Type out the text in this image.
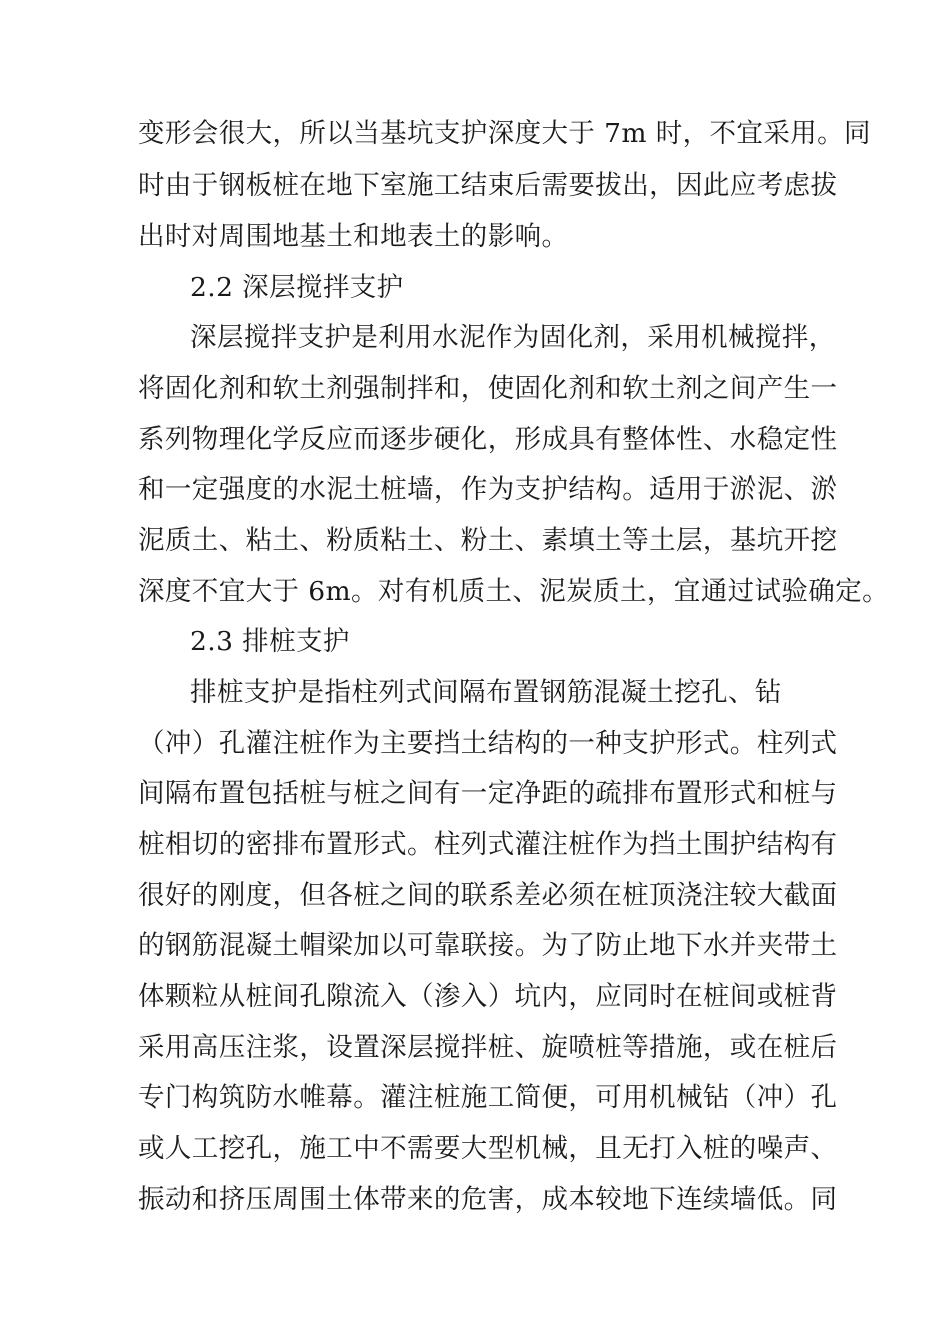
变形会很大，所以当基坑支护深度大于 7m 时，不宜采用。同
时由于钢板桩在地下室施工结束后需要拔出，因此应考虑拔
出时对周围地基土和地表土的影响。
2.2 深层搅拌支护
深层搅拌支护是利用水泥作为固化剂，采用机械搅拌，
将固化剂和软土剂强制拌和，使固化剂和软土剂之间产生一
系列物理化学反应而逐步硬化，形成具有整体性、水稳定性
和一定强度的水泥土桩墙，作为支护结构。适用于淤泥、淤
泥质土、粘土、粉质粘土、粉土、素填土等土层，基坑开挖
深度不宜大于 6m。对有机质土、泥炭质土，宜通过试验确定。
2.3 排桩支护
排桩支护是指柱列式间隔布置钢筋混凝土挖孔、钻
（冲）孔灌注桩作为主要挡土结构的一种支护形式。柱列式
间隔布置包括桩与桩之间有一定净距的疏排布置形式和桩与
桩相切的密排布置形式。柱列式灌注桩作为挡土围护结构有
很好的刚度，但各桩之间的联系差必须在桩顶浇注较大截面
的钢筋混凝土帽梁加以可靠联接。为了防止地下水并夹带土
体颗粒从桩间孔隙流入（渗入）坑内，应同时在桩间或桩背
采用高压注浆，设置深层搅拌桩、旋喷桩等措施，或在桩后
专门构筑防水帷幕。灌注桩施工简便，可用机械钻（冲）孔
或人工挖孔，施工中不需要大型机械，且无打入桩的噪声、
振动和挤压周围土体带来的危害，成本较地下连续墙低。同
